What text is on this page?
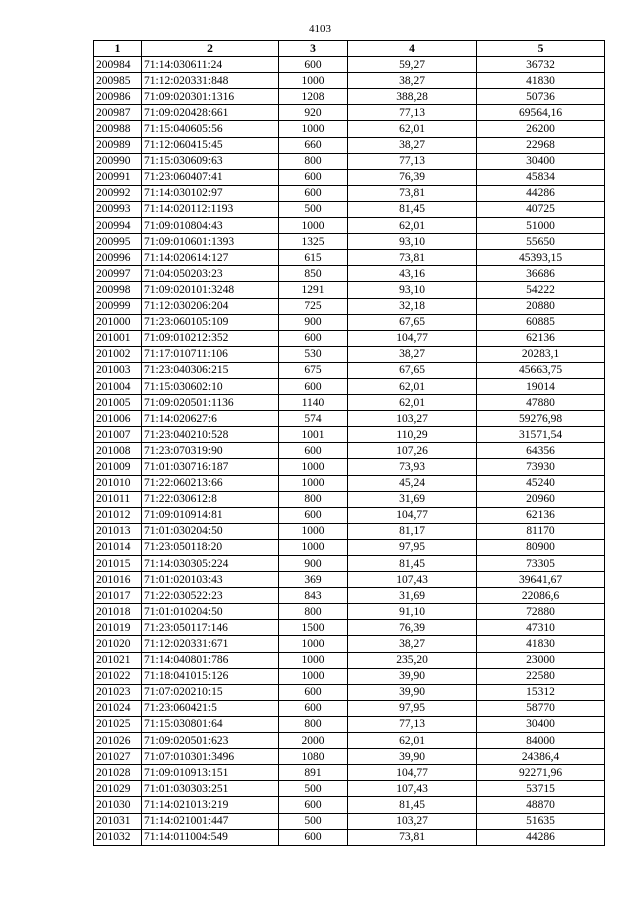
4103
1	2	3	4	5
200984	71:14:030611:24	600	59,27	36732
200985	71:12:020331:848	1000	38,27	41830
200986	71:09:020301:1316	1208	388,28	50736
200987	71:09:020428:661	920	77,13	69564,16
200988	71:15:040605:56	1000	62,01	26200
200989	71:12:060415:45	660	38,27	22968
200990	71:15:030609:63	800	77,13	30400
200991	71:23:060407:41	600	76,39	45834
200992	71:14:030102:97	600	73,81	44286
200993	71:14:020112:1193	500	81,45	40725
200994	71:09:010804:43	1000	62,01	51000
200995	71:09:010601:1393	1325	93,10	55650
200996	71:14:020614:127	615	73,81	45393,15
200997	71:04:050203:23	850	43,16	36686
200998	71:09:020101:3248	1291	93,10	54222
200999	71:12:030206:204	725	32,18	20880
201000	71:23:060105:109	900	67,65	60885
201001	71:09:010212:352	600	104,77	62136
201002	71:17:010711:106	530	38,27	20283,1
201003	71:23:040306:215	675	67,65	45663,75
201004	71:15:030602:10	600	62,01	19014
201005	71:09:020501:1136	1140	62,01	47880
201006	71:14:020627:6	574	103,27	59276,98
201007	71:23:040210:528	1001	110,29	31571,54
201008	71:23:070319:90	600	107,26	64356
201009	71:01:030716:187	1000	73,93	73930
201010	71:22:060213:66	1000	45,24	45240
201011	71:22:030612:8	800	31,69	20960
201012	71:09:010914:81	600	104,77	62136
201013	71:01:030204:50	1000	81,17	81170
201014	71:23:050118:20	1000	97,95	80900
201015	71:14:030305:224	900	81,45	73305
201016	71:01:020103:43	369	107,43	39641,67
201017	71:22:030522:23	843	31,69	22086,6
201018	71:01:010204:50	800	91,10	72880
201019	71:23:050117:146	1500	76,39	47310
201020	71:12:020331:671	1000	38,27	41830
201021	71:14:040801:786	1000	235,20	23000
201022	71:18:041015:126	1000	39,90	22580
201023	71:07:020210:15	600	39,90	15312
201024	71:23:060421:5	600	97,95	58770
201025	71:15:030801:64	800	77,13	30400
201026	71:09:020501:623	2000	62,01	84000
201027	71:07:010301:3496	1080	39,90	24386,4
201028	71:09:010913:151	891	104,77	92271,96
201029	71:01:030303:251	500	107,43	53715
201030	71:14:021013:219	600	81,45	48870
201031	71:14:021001:447	500	103,27	51635
201032	71:14:011004:549	600	73,81	44286
